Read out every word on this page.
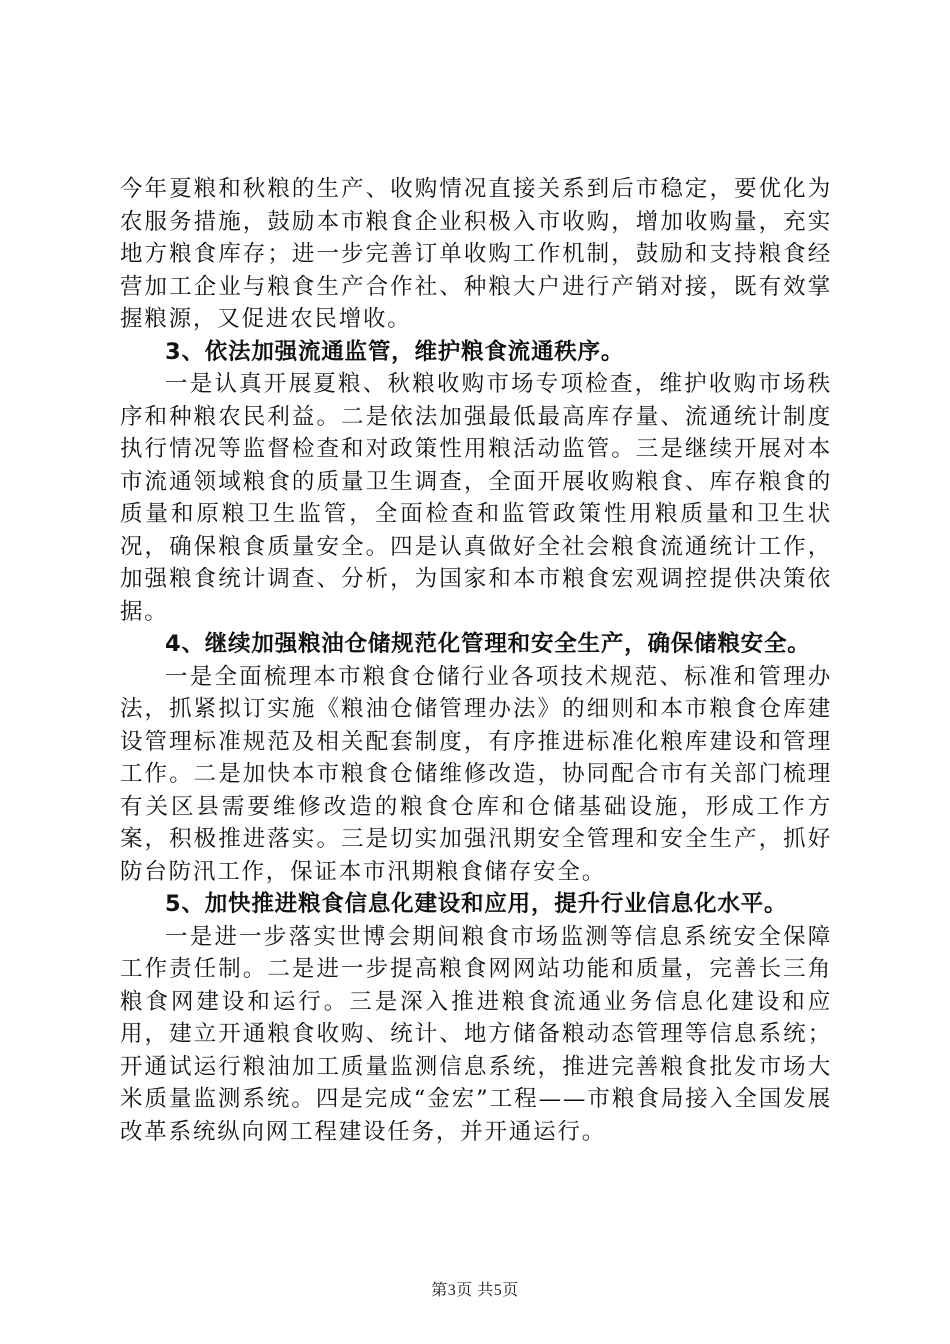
今年夏粮和秋粮的生产、收购情况直接关系到后市稳定，要优化为农服务措施，鼓励本市粮食企业积极入市收购，增加收购量，充实地方粮食库存；进一步完善订单收购工作机制，鼓励和支持粮食经营加工企业与粮食生产合作社、种粮大户进行产销对接，既有效掌握粮源，又促进农民增收。

3、依法加强流通监管，维护粮食流通秩序。

一是认真开展夏粮、秋粮收购市场专项检查，维护收购市场秩序和种粮农民利益。二是依法加强最低最高库存量、流通统计制度执行情况等监督检查和对政策性用粮活动监管。三是继续开展对本市流通领域粮食的质量卫生调查，全面开展收购粮食、库存粮食的质量和原粮卫生监管，全面检查和监管政策性用粮质量和卫生状况，确保粮食质量安全。四是认真做好全社会粮食流通统计工作，加强粮食统计调查、分析，为国家和本市粮食宏观调控提供决策依据。

4、继续加强粮油仓储规范化管理和安全生产，确保储粮安全。

一是全面梳理本市粮食仓储行业各项技术规范、标准和管理办法，抓紧拟订实施《粮油仓储管理办法》的细则和本市粮食仓库建设管理标准规范及相关配套制度，有序推进标准化粮库建设和管理工作。二是加快本市粮食仓储维修改造，协同配合市有关部门梳理有关区县需要维修改造的粮食仓库和仓储基础设施，形成工作方案，积极推进落实。三是切实加强汛期安全管理和安全生产，抓好防台防汛工作，保证本市汛期粮食储存安全。

5、加快推进粮食信息化建设和应用，提升行业信息化水平。

一是进一步落实世博会期间粮食市场监测等信息系统安全保障工作责任制。二是进一步提高粮食网网站功能和质量，完善长三角粮食网建设和运行。三是深入推进粮食流通业务信息化建设和应用，建立开通粮食收购、统计、地方储备粮动态管理等信息系统；开通试运行粮油加工质量监测信息系统，推进完善粮食批发市场大米质量监测系统。四是完成“金宏”工程——市粮食局接入全国发展改革系统纵向网工程建设任务，并开通运行。

第3页 共5页
